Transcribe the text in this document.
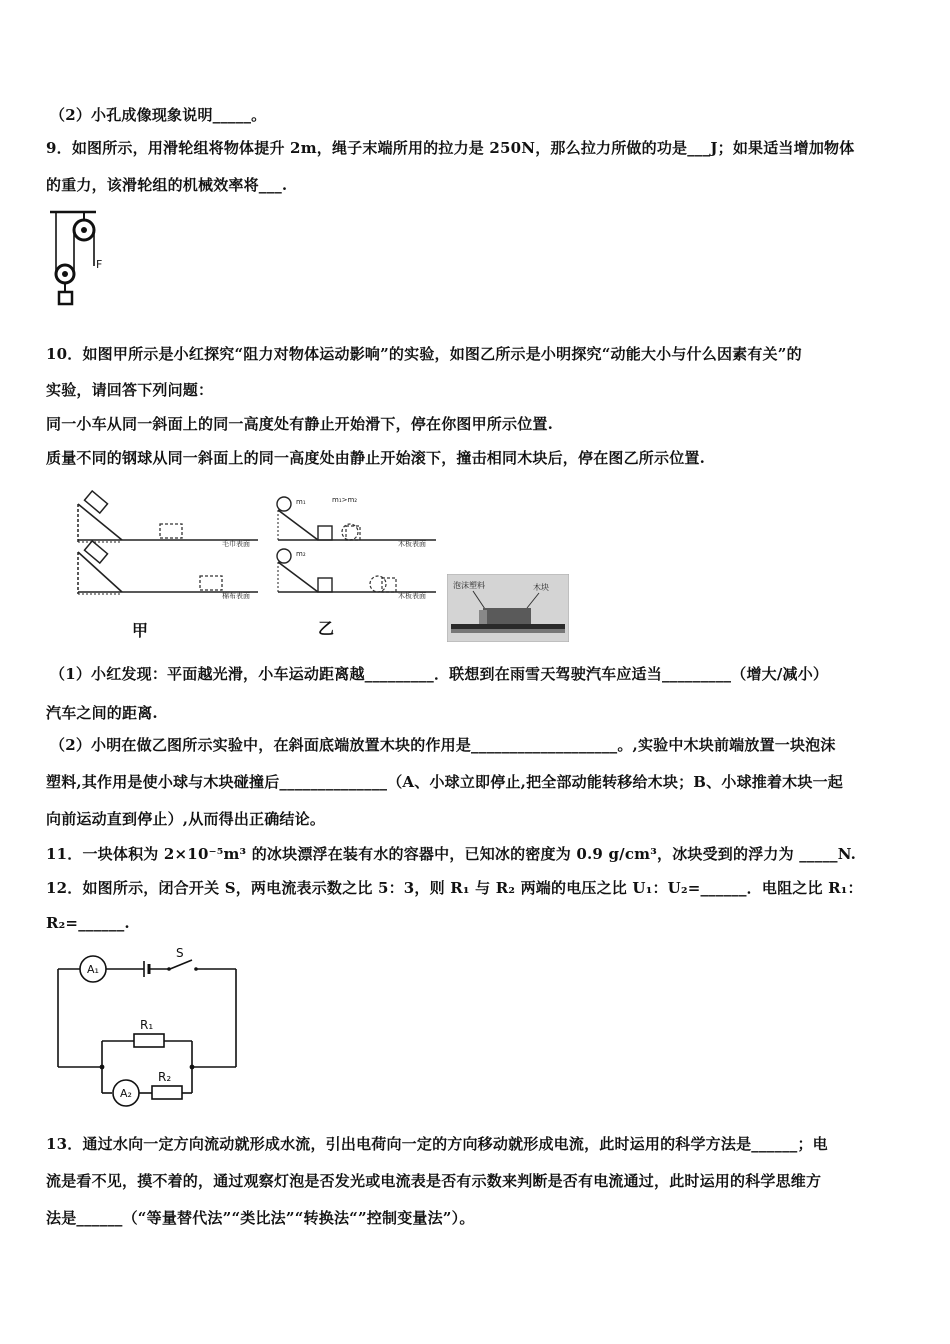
（2）小孔成像现象说明_____。
9．如图所示，用滑轮组将物体提升 2m，绳子末端所用的拉力是 250N，那么拉力所做的功是___J；如果适当增加物体
的重力，该滑轮组的机械效率将___.
F
10．如图甲所示是小红探究“阻力对物体运动影响”的实验，如图乙所示是小明探究“动能大小与什么因素有关”的
实验，请回答下列问题：
同一小车从同一斜面上的同一高度处有静止开始滑下，停在你图甲所示位置.
质量不同的钢球从同一斜面上的同一高度处由静止开始滚下，撞击相同木块后，停在图乙所示位置.
毛巾表面
棉布表面
m₁	m₁>m₂
木板表面
m₂
木板表面
泡沫塑料	木块
甲	乙
（1）小红发现：平面越光滑，小车运动距离越_________．联想到在雨雪天驾驶汽车应适当_________（增大/减小）
汽车之间的距离.
（2）小明在做乙图所示实验中，在斜面底端放置木块的作用是___________________。,实验中木块前端放置一块泡沫
塑料,其作用是使小球与木块碰撞后______________（A、小球立即停止,把全部动能转移给木块；B、小球推着木块一起
向前运动直到停止）,从而得出正确结论。
11．一块体积为 2×10⁻⁵m³ 的冰块漂浮在装有水的容器中，已知冰的密度为 0.9 g/cm³，冰块受到的浮力为 _____N.
12．如图所示，闭合开关 S，两电流表示数之比 5：3，则 R₁ 与 R₂ 两端的电压之比 U₁：U₂=______．电阻之比 R₁：
R₂=______.
A₁
S
R₁
A₂
R₂
13．通过水向一定方向流动就形成水流，引出电荷向一定的方向移动就形成电流，此时运用的科学方法是______；电
流是看不见，摸不着的，通过观察灯泡是否发光或电流表是否有示数来判断是否有电流通过，此时运用的科学思维方
法是______（“等量替代法”“类比法”“转换法“”控制变量法”）。
